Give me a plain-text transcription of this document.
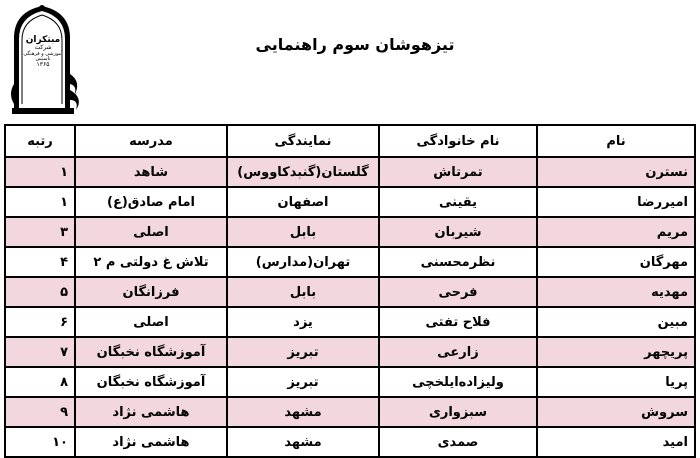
مبتکران
شرکت
آموزشی و فرهنگی
تاسیس
۱۳۶۵
تیزهوشان سوم راهنمایی
نام	نام خانوادگی	نمایندگی	مدرسه	رتبه
نسترن	تمرتاش	گلستان(گنبدکاووس)	شاهد	۱
امیررضا	یقینی	اصفهان	امام صادق(ع)	۱
مریم	شیربان	بابل	اصلی	۳
مهرگان	نظرمحسنی	تهران(مدارس)	تلاش غ دولتی م ۲	۴
مهدیه	فرحی	بابل	فرزانگان	۵
مبین	فلاح تفتی	یزد	اصلی	۶
پریچهر	زارعی	تبریز	آموزشگاه نخبگان	۷
پریا	ولیزاده‌ایلخچی	تبریز	آموزشگاه نخبگان	۸
سروش	سبزواری	مشهد	هاشمی نژاد	۹
امید	صمدی	مشهد	هاشمی نژاد	۱۰
